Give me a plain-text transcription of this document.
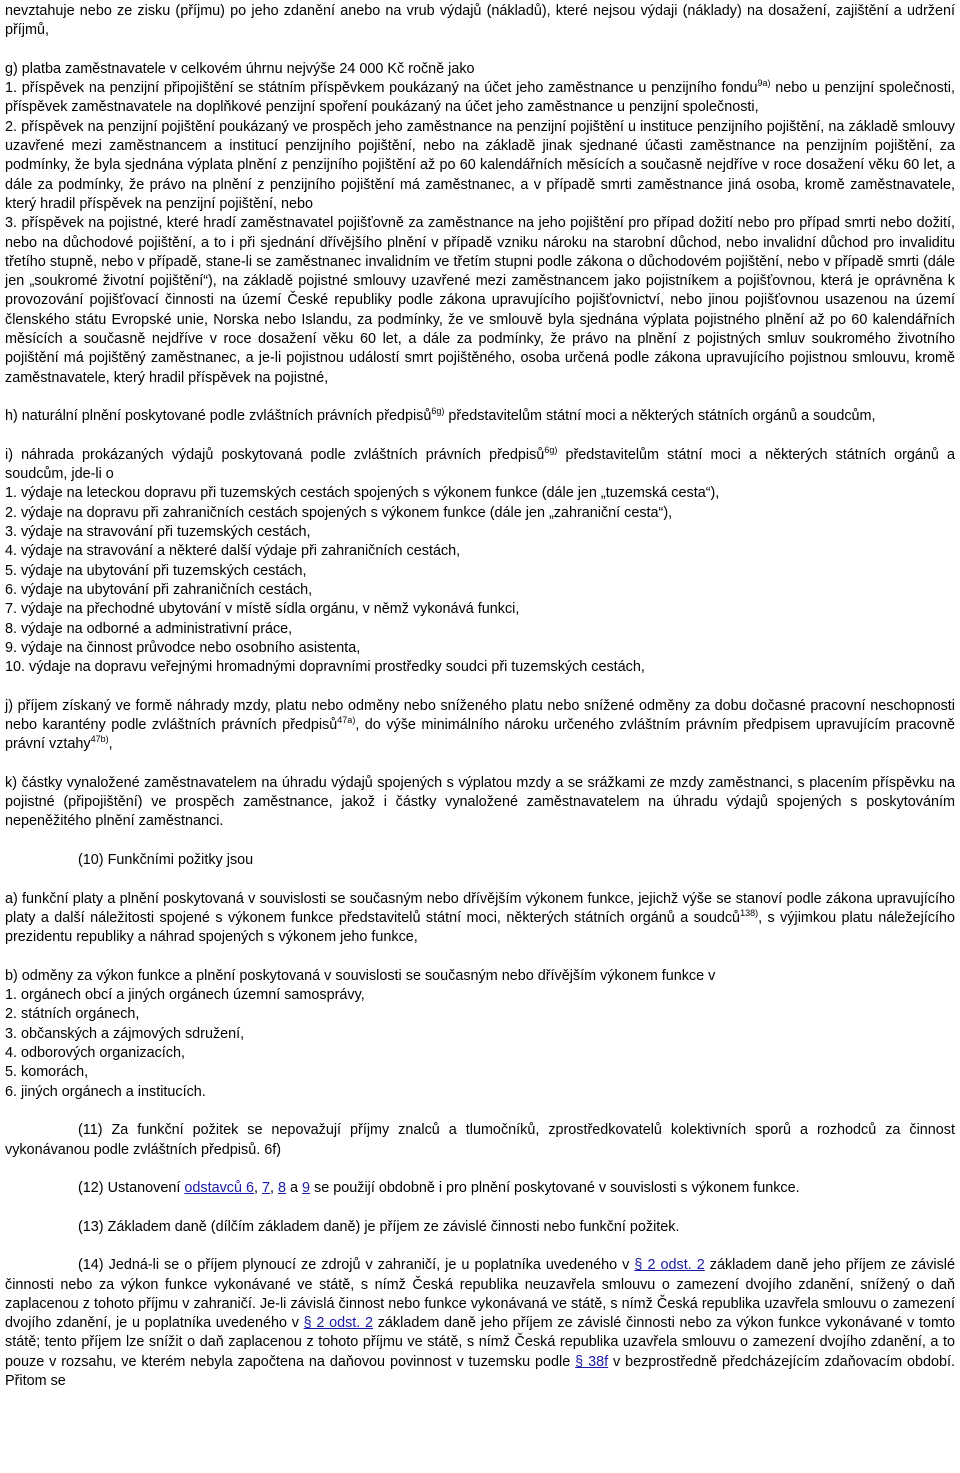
nevztahuje nebo ze zisku (příjmu) po jeho zdanění anebo na vrub výdajů (nákladů), které nejsou výdaji (náklady) na dosažení, zajištění a udržení příjmů,

g) platba zaměstnavatele v celkovém úhrnu nejvýše 24 000 Kč ročně jako

1. příspěvek na penzijní připojištění se státním příspěvkem poukázaný na účet jeho zaměstnance u penzijního fondu$^{9a)}$ nebo u penzijní společnosti, příspěvek zaměstnavatele na doplňkové penzijní spoření poukázaný na účet jeho zaměstnance u penzijní společnosti,

2. příspěvek na penzijní pojištění poukázaný ve prospěch jeho zaměstnance na penzijní pojištění u instituce penzijního pojištění, na základě smlouvy uzavřené mezi zaměstnancem a institucí penzijního pojištění, nebo na základě jinak sjednané účasti zaměstnance na penzijním pojištění, za podmínky, že byla sjednána výplata plnění z penzijního pojištění až po 60 kalendářních měsících a současně nejdříve v roce dosažení věku 60 let, a dále za podmínky, že právo na plnění z penzijního pojištění má zaměstnanec, a v případě smrti zaměstnance jiná osoba, kromě zaměstnavatele, který hradil příspěvek na penzijní pojištění, nebo

3. příspěvek na pojistné, které hradí zaměstnavatel pojišťovně za zaměstnance na jeho pojištění pro případ dožití nebo pro případ smrti nebo dožití, nebo na důchodové pojištění, a to i při sjednání dřívějšího plnění v případě vzniku nároku na starobní důchod, nebo invalidní důchod pro invaliditu třetího stupně, nebo v případě, stane-li se zaměstnanec invalidním ve třetím stupni podle zákona o důchodovém pojištění, nebo v případě smrti (dále jen „soukromé životní pojištění“), na základě pojistné smlouvy uzavřené mezi zaměstnancem jako pojistníkem a pojišťovnou, která je oprávněna k provozování pojišťovací činnosti na území České republiky podle zákona upravujícího pojišťovnictví, nebo jinou pojišťovnou usazenou na území členského státu Evropské unie, Norska nebo Islandu, za podmínky, že ve smlouvě byla sjednána výplata pojistného plnění až po 60 kalendářních měsících a současně nejdříve v roce dosažení věku 60 let, a dále za podmínky, že právo na plnění z pojistných smluv soukromého životního pojištění má pojištěný zaměstnanec, a je-li pojistnou událostí smrt pojištěného, osoba určená podle zákona upravujícího pojistnou smlouvu, kromě zaměstnavatele, který hradil příspěvek na pojistné,

h) naturální plnění poskytované podle zvláštních právních předpisů$^{6g)}$ představitelům státní moci a některých státních orgánů a soudcům,

i) náhrada prokázaných výdajů poskytovaná podle zvláštních právních předpisů$^{6g)}$ představitelům státní moci a některých státních orgánů a soudcům, jde-li o

1. výdaje na leteckou dopravu při tuzemských cestách spojených s výkonem funkce (dále jen „tuzemská cesta“),

2. výdaje na dopravu při zahraničních cestách spojených s výkonem funkce (dále jen „zahraniční cesta“),

3. výdaje na stravování při tuzemských cestách,

4. výdaje na stravování a některé další výdaje při zahraničních cestách,

5. výdaje na ubytování při tuzemských cestách,

6. výdaje na ubytování při zahraničních cestách,

7. výdaje na přechodné ubytování v místě sídla orgánu, v němž vykonává funkci,

8. výdaje na odborné a administrativní práce,

9. výdaje na činnost průvodce nebo osobního asistenta,

10. výdaje na dopravu veřejnými hromadnými dopravními prostředky soudci při tuzemských cestách,

j) příjem získaný ve formě náhrady mzdy, platu nebo odměny nebo sníženého platu nebo snížené odměny za dobu dočasné pracovní neschopnosti nebo karantény podle zvláštních právních předpisů$^{47a)}$, do výše minimálního nároku určeného zvláštním právním předpisem upravujícím pracovně právní vztahy$^{47b)}$,

k) částky vynaložené zaměstnavatelem na úhradu výdajů spojených s výplatou mzdy a se srážkami ze mzdy zaměstnanci, s placením příspěvku na pojistné (připojištění) ve prospěch zaměstnance, jakož i částky vynaložené zaměstnavatelem na úhradu výdajů spojených s poskytováním nepeněžitého plnění zaměstnanci.

(10) Funkčními požitky jsou

a) funkční platy a plnění poskytovaná v souvislosti se současným nebo dřívějším výkonem funkce, jejichž výše se stanoví podle zákona upravujícího platy a další náležitosti spojené s výkonem funkce představitelů státní moci, některých státních orgánů a soudců$^{138)}$, s výjimkou platu náležejícího prezidentu republiky a náhrad spojených s výkonem jeho funkce,

b) odměny za výkon funkce a plnění poskytovaná v souvislosti se současným nebo dřívějším výkonem funkce v

1. orgánech obcí a jiných orgánech územní samosprávy,

2. státních orgánech,

3. občanských a zájmových sdružení,

4. odborových organizacích,

5. komorách,

6. jiných orgánech a institucích.

(11) Za funkční požitek se nepovažují příjmy znalců a tlumočníků, zprostředkovatelů kolektivních sporů a rozhodců za činnost vykonávanou podle zvláštních předpisů. 6f)

(12) Ustanovení odstavců 6, 7, 8 a 9 se použijí obdobně i pro plnění poskytované v souvislosti s výkonem funkce.

(13) Základem daně (dílčím základem daně) je příjem ze závislé činnosti nebo funkční požitek.

(14) Jedná-li se o příjem plynoucí ze zdrojů v zahraničí, je u poplatníka uvedeného v § 2 odst. 2 základem daně jeho příjem ze závislé činnosti nebo za výkon funkce vykonávané ve státě, s nímž Česká republika neuzavřela smlouvu o zamezení dvojího zdanění, snížený o daň zaplacenou z tohoto příjmu v zahraničí. Je-li závislá činnost nebo funkce vykonávaná ve státě, s nímž Česká republika uzavřela smlouvu o zamezení dvojího zdanění, je u poplatníka uvedeného v § 2 odst. 2 základem daně jeho příjem ze závislé činnosti nebo za výkon funkce vykonávané v tomto státě; tento příjem lze snížit o daň zaplacenou z tohoto příjmu ve státě, s nímž Česká republika uzavřela smlouvu o zamezení dvojího zdanění, a to pouze v rozsahu, ve kterém nebyla započtena na daňovou povinnost v tuzemsku podle § 38f v bezprostředně předcházejícím zdaňovacím období. Přitom se
